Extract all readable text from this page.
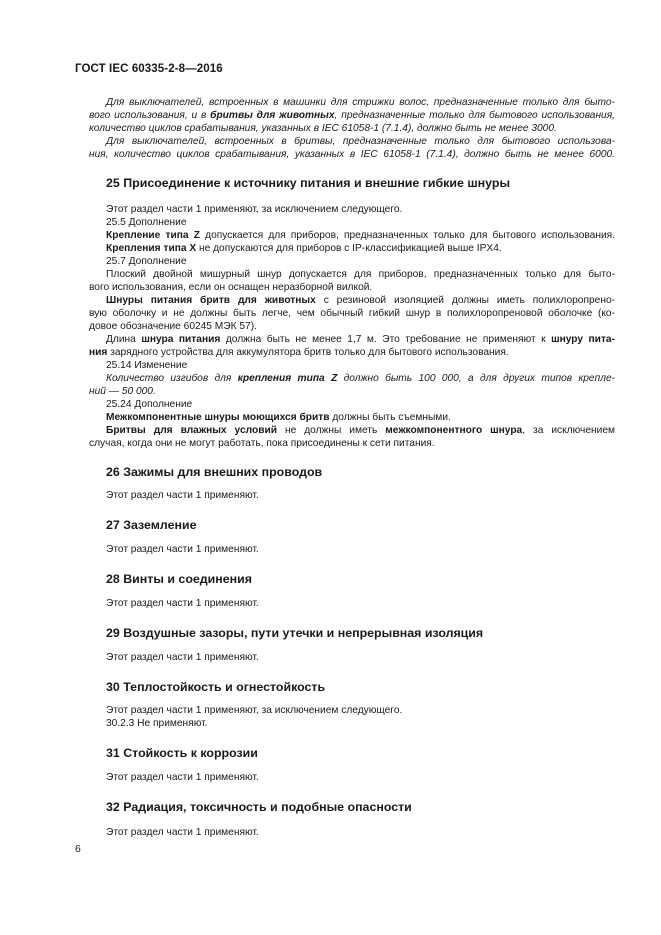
ГОСТ IEC 60335-2-8—2016
Для выключателей, встроенных в машинки для стрижки волос, предназначенные только для быто-
вого использования, и в бритвы для животных, предназначенные только для бытового использования,
количество циклов срабатывания, указанных в IEC 61058-1 (7.1.4), должно быть не менее 3000.
Для выключателей, встроенных в бритвы, предназначенные только для бытового использова-
ния, количество циклов срабатывания, указанных в IEC 61058-1 (7.1.4), должно быть не менее 6000.
25 Присоединение к источнику питания и внешние гибкие шнуры
Этот раздел части 1 применяют, за исключением следующего.
25.5 Дополнение
Крепление типа Z допускается для приборов, предназначенных только для бытового использования.
Крепления типа X не допускаются для приборов с IP-классификацией выше IPX4.
25.7 Дополнение
Плоский двойной мишурный шнур допускается для приборов, предназначенных только для быто-
вого использования, если он оснащен неразборной вилкой.
Шнуры питания бритв для животных с резиновой изоляцией должны иметь полихлоропрено-
вую оболочку и не должны быть легче, чем обычный гибкий шнур в полихлоропреновой оболочке (ко-
довое обозначение 60245 МЭК 57).
Длина шнура питания должна быть не менее 1,7 м. Это требование не применяют к шнуру пита-
ния зарядного устройства для аккумулятора бритв только для бытового использования.
25.14 Изменение
Количество изгибов для крепления типа Z должно быть 100 000, а для других типов крепле-
ний — 50 000.
25.24 Дополнение
Межкомпонентные шнуры моющихся бритв должны быть съемными.
Бритвы для влажных условий не должны иметь межкомпонентного шнура, за исключением
случая, когда они не могут работать, пока присоединены к сети питания.
26 Зажимы для внешних проводов
Этот раздел части 1 применяют.
27 Заземление
Этот раздел части 1 применяют.
28 Винты и соединения
Этот раздел части 1 применяют.
29 Воздушные зазоры, пути утечки и непрерывная изоляция
Этот раздел части 1 применяют.
30 Теплостойкость и огнестойкость
Этот раздел части 1 применяют, за исключением следующего.
30.2.3 Не применяют.
31 Стойкость к коррозии
Этот раздел части 1 применяют.
32 Радиация, токсичность и подобные опасности
Этот раздел части 1 применяют.
6
